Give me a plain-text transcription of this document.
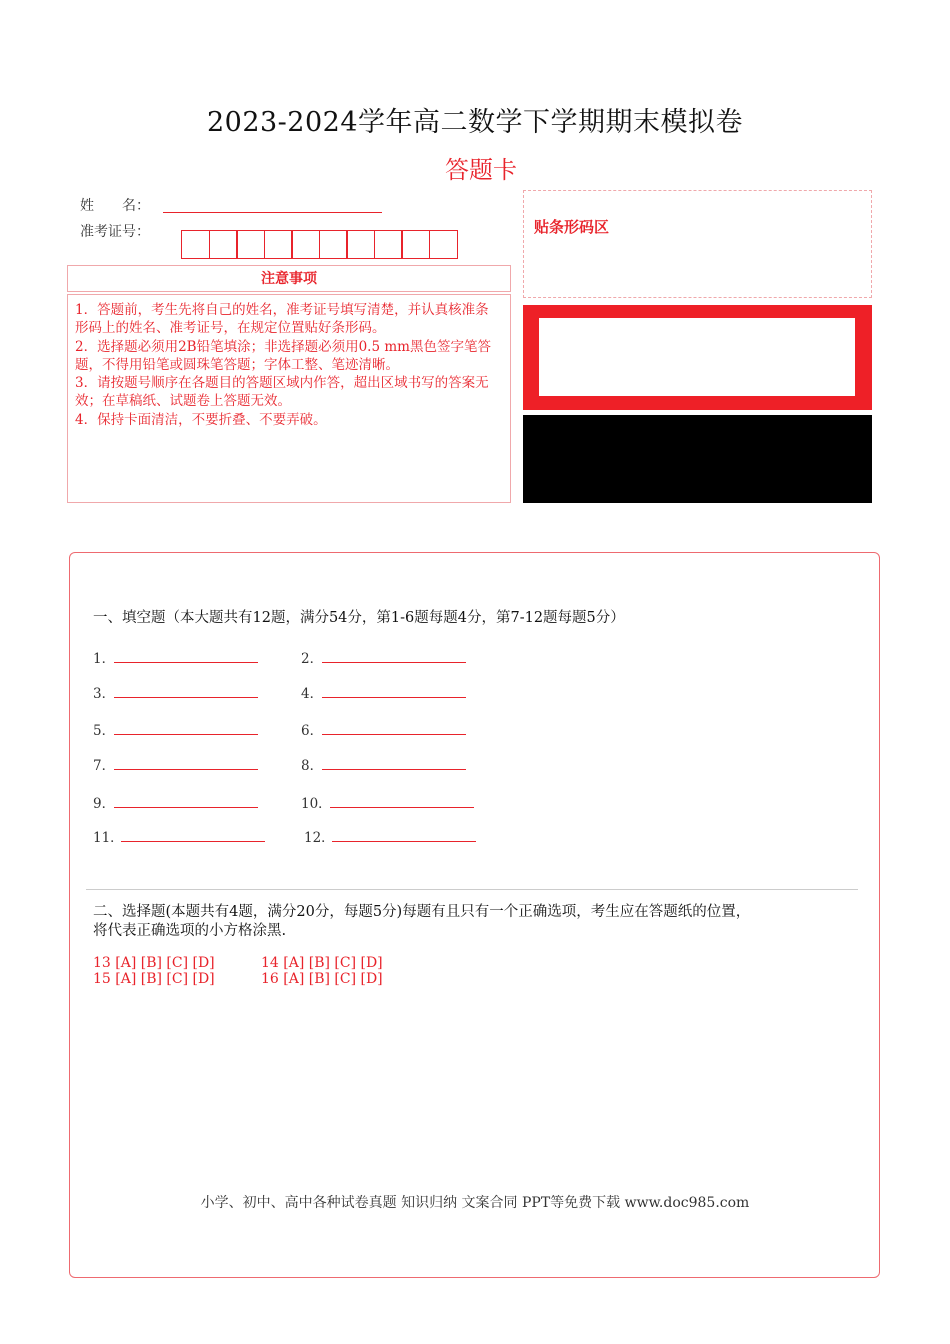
2023-2024学年高二数学下学期期末模拟卷
答题卡
姓　　名：
准考证号：
注意事项

1．答题前，考生先将自己的姓名，准考证号填写清楚，并认真核准条形码上的姓名、准考证号，在规定位置贴好条形码。

2．选择题必须用2B铅笔填涂；非选择题必须用0.5 mm黑色签字笔答题，不得用铅笔或圆珠笔答题；字体工整、笔迹清晰。

3．请按题号顺序在各题目的答题区域内作答，超出区域书写的答案无效；在草稿纸、试题卷上答题无效。

4．保持卡面清洁，不要折叠、不要弄破。

贴条形码区
一、填空题（本大题共有12题，满分54分，第1-6题每题4分，第7-12题每题5分）
1．	2．
3．	4．
5．	6．
7．	8．
9．	10．
11．	12．
二、选择题(本题共有4题，满分20分，每题5分)每题有且只有一个正确选项，考生应在答题纸的位置，
将代表正确选项的小方格涂黑.
13 [A] [B] [C] [D]	14 [A] [B] [C] [D]
15 [A] [B] [C] [D]	16 [A] [B] [C] [D]
小学、初中、高中各种试卷真题 知识归纳 文案合同 PPT等免费下载 www.doc985.com
